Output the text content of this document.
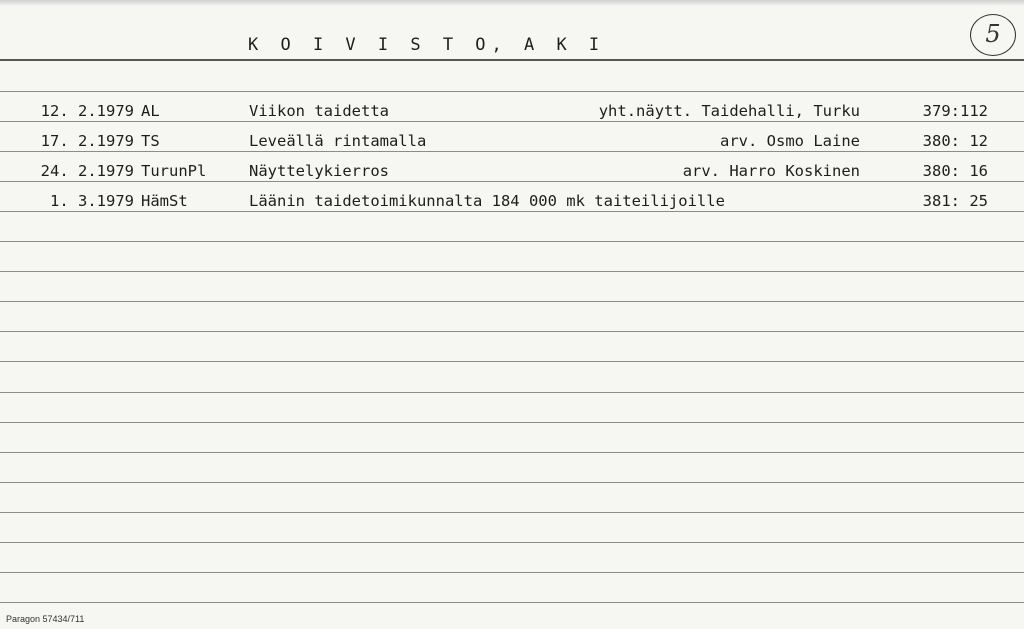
K O I V I S T O, A K I	5
12. 2.1979 AL	Viikon taidetta	yht.näytt. Taidehalli, Turku	379:112
17. 2.1979 TS	Leveällä rintamalla	arv. Osmo Laine	380: 12
24. 2.1979 TurunPl	Näyttelykierros	arv. Harro Koskinen	380: 16
1. 3.1979 HämSt	Läänin taidetoimikunnalta 184 000 mk taiteilijoille	381: 25
Paragon 57434/711
